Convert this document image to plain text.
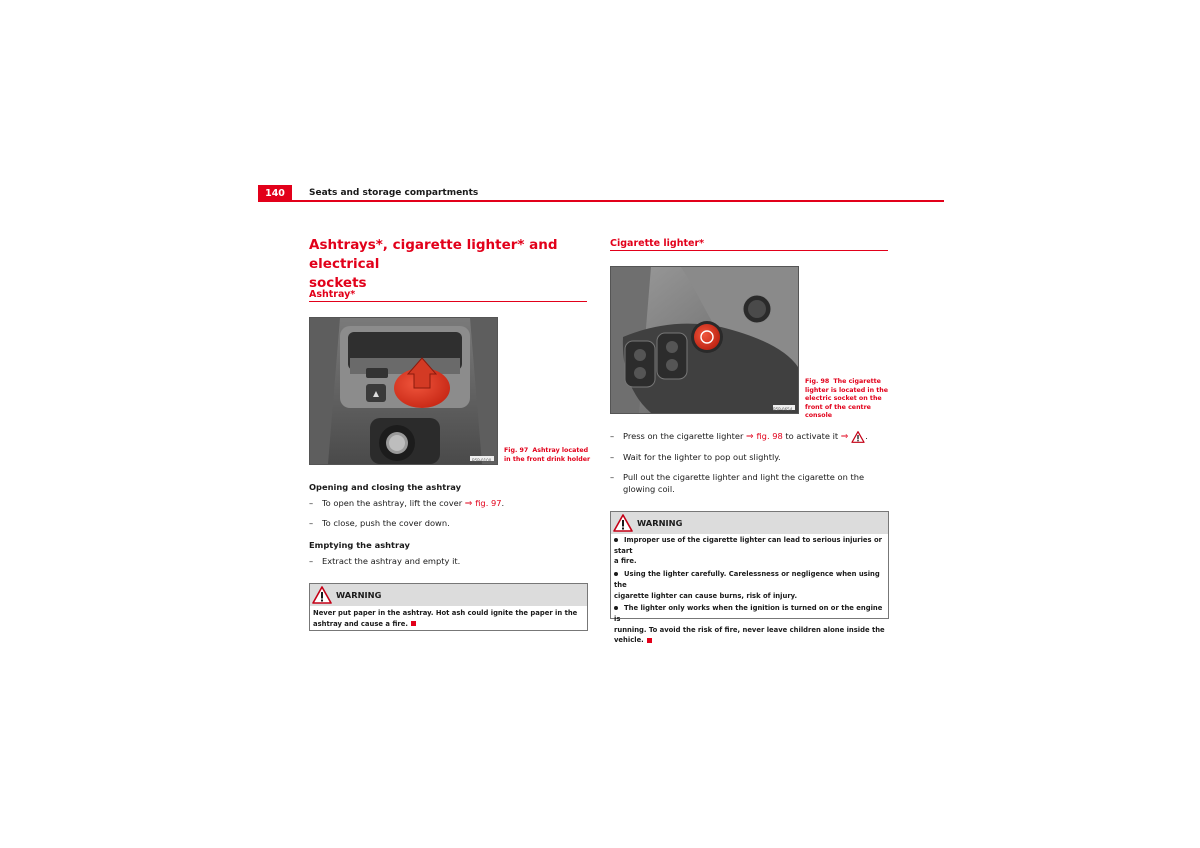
140	Seats and storage compartments
Ashtrays*, cigarette lighter* and electrical
sockets
Ashtray*
B5P-0100
Fig. 97 Ashtray located
in the front drink holder
Opening and closing the ashtray
– To open the ashtray, lift the cover ⇒ fig. 97.
– To close, push the cover down.
Emptying the ashtray
– Extract the ashtray and empty it.
WARNING
Never put paper in the ashtray. Hot ash could ignite the paper in the
ashtray and cause a fire.
Cigarette lighter*
B5P-0654
Fig. 98 The cigarette
lighter is located in the
electric socket on the
front of the centre console
– Press on the cigarette lighter ⇒ fig. 98 to activate it ⇒ .
– Wait for the lighter to pop out slightly.
– Pull out the cigarette lighter and light the cigarette on the
glowing coil.
WARNING
Improper use of the cigarette lighter can lead to serious injuries or start
a fire.
Using the lighter carefully. Carelessness or negligence when using the
cigarette lighter can cause burns, risk of injury.
The lighter only works when the ignition is turned on or the engine is
running. To avoid the risk of fire, never leave children alone inside the
vehicle.
